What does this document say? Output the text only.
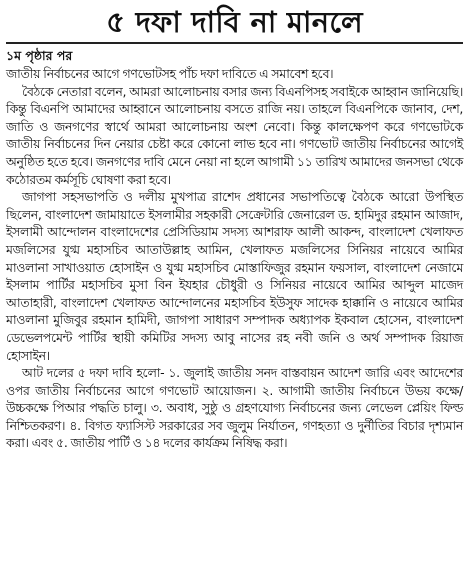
৫ দফা দাবি না মানলে
১ম পৃষ্ঠার পর

জাতীয় নির্বাচনের আগে গণভোটসহ পাঁচ দফা দাবিতে এ সমাবেশ হবে।

বৈঠকে নেতারা বলেন, আমরা আলোচনায় বসার জন্য বিএনপিসহ সবাইকে আহ্বান জানিয়েছি। কিন্তু বিএনপি আমাদের আহ্বানে আলোচনায় বসতে রাজি নয়। তাহলে বিএনপিকে জানাব, দেশ, জাতি ও জনগণের স্বার্থে আমরা আলোচনায় অংশ নেবো। কিন্তু কালক্ষেপণ করে গণভোটকে জাতীয় নির্বাচনের দিন নেয়ার চেষ্টা করে কোনো লাভ হবে না। গণভোট জাতীয় নির্বাচনের আগেই অনুষ্ঠিত হতে হবে। জনগণের দাবি মেনে নেয়া না হলে আগামী ১১ তারিখ আমাদের জনসভা থেকে কঠোরতম কর্মসূচি ঘোষণা করা হবে।

জাগপা সহসভাপতি ও দলীয় মুখপাত্র রাশেদ প্রধানের সভাপতিত্বে বৈঠকে আরো উপস্থিত ছিলেন, বাংলাদেশ জামায়াতে ইসলামীর সহকারী সেক্রেটারি জেনারেল ড. হামিদুর রহমান আজাদ, ইসলামী আন্দোলন বাংলাদেশের প্রেসিডিয়াম সদস্য আশরাফ আলী আকন্দ, বাংলাদেশ খেলাফত মজলিসের যুগ্ম মহাসচিব আতাউল্লাহ আমিন, খেলাফত মজলিসের সিনিয়র নায়েবে আমির মাওলানা সাখাওয়াত হোসাইন ও যুগ্ম মহাসচিব মোস্তাফিজুর রহমান ফয়সাল, বাংলাদেশ নেজামে ইসলাম পার্টির মহাসচিব মুসা বিন ইযহার চৌধুরী ও সিনিয়র নায়েবে আমির আব্দুল মাজেদ আতাহারী, বাংলাদেশ খেলাফত আন্দোলনের মহাসচিব ইউসুফ সাদেক হাক্কানি ও নায়েবে আমির মাওলানা মুজিবুর রহমান হামিদী, জাগপা সাধারণ সম্পাদক অধ্যাপক ইকবাল হোসেন, বাংলাদেশ ডেভেলপমেন্ট পার্টির স্থায়ী কমিটির সদস্য আবু নাসের রহ নবী জনি ও অর্থ সম্পাদক রিয়াজ হোসাইন।

আট দলের ৫ দফা দাবি হলো- ১. জুলাই জাতীয় সনদ বাস্তবায়ন আদেশ জারি এবং আদেশের ওপর জাতীয় নির্বাচনের আগে গণভোট আয়োজন। ২. আগামী জাতীয় নির্বাচনে উভয় কক্ষে/উচ্চকক্ষে পিআর পদ্ধতি চালু। ৩. অবাধ, সুষ্ঠু ও গ্রহণযোগ্য নির্বাচনের জন্য লেভেল প্লেয়িং ফিল্ড নিশ্চিতকরণ। ৪. বিগত ফ্যাসিস্ট সরকারের সব জুলুম নির্যাতন, গণহত্যা ও দুর্নীতির বিচার দৃশ্যমান করা। এবং ৫. জাতীয় পার্টি ও ১৪ দলের কার্যক্রম নিষিদ্ধ করা।
